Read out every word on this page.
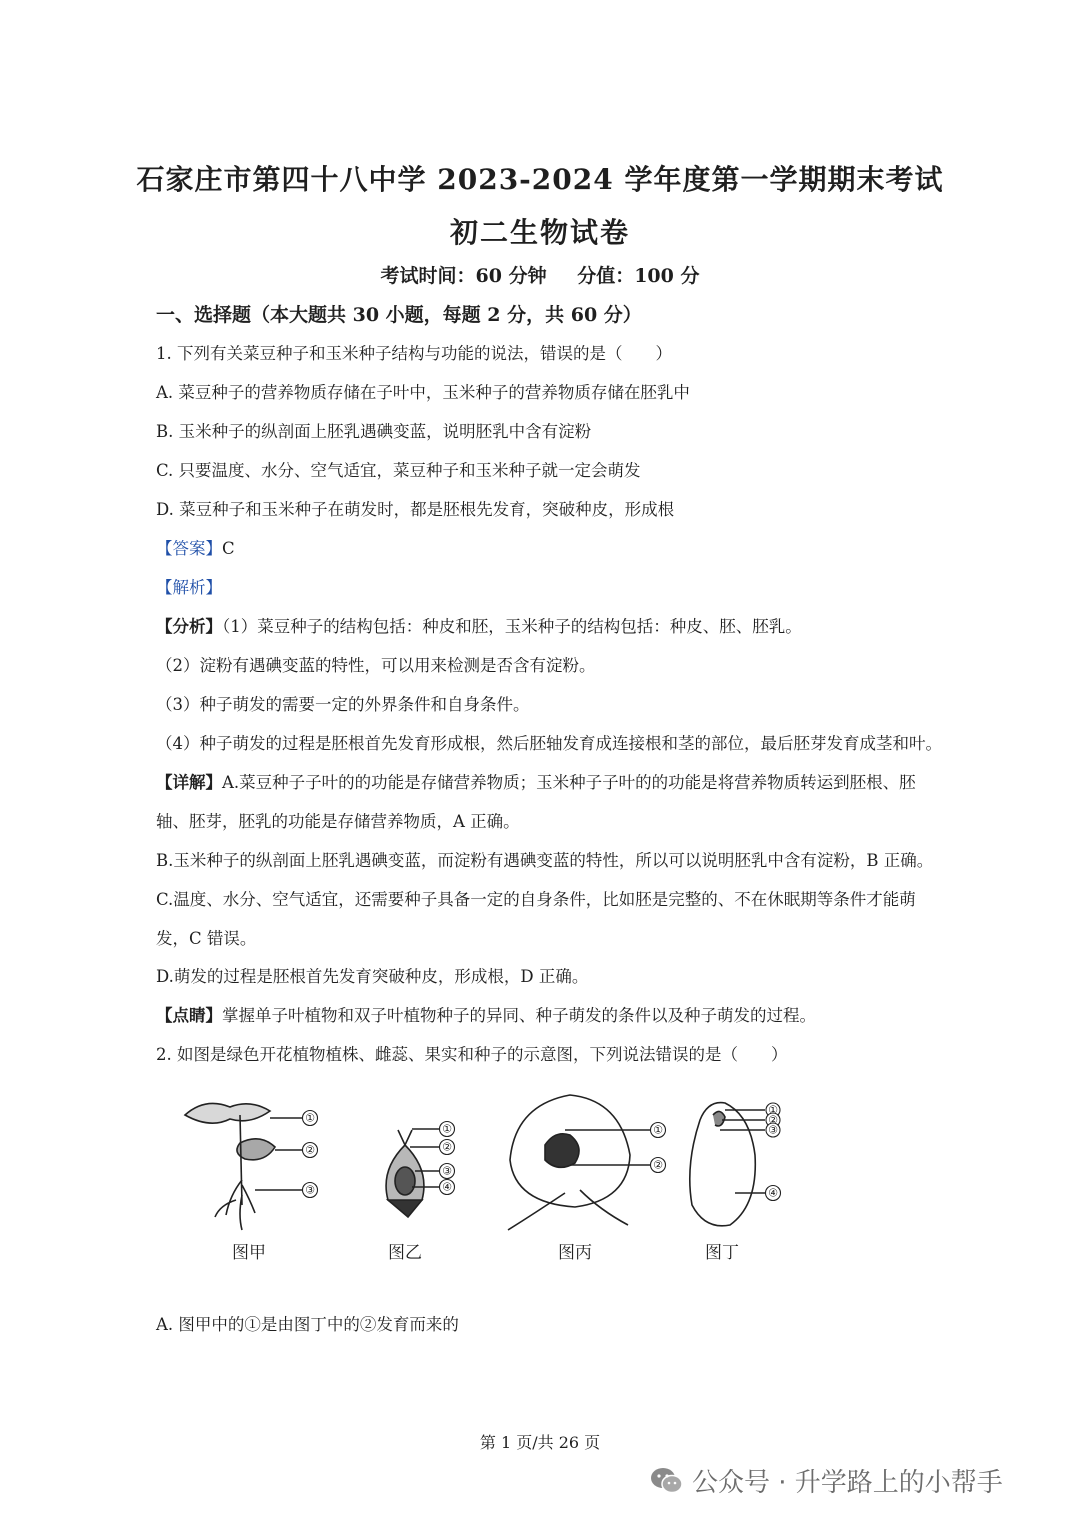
石家庄市第四十八中学 2023-2024 学年度第一学期期末考试
初二生物试卷
考试时间：60 分钟 分值：100 分
一、选择题（本大题共 30 小题，每题 2 分，共 60 分）
1. 下列有关菜豆种子和玉米种子结构与功能的说法，错误的是（　　）
A. 菜豆种子的营养物质存储在子叶中，玉米种子的营养物质存储在胚乳中
B. 玉米种子的纵剖面上胚乳遇碘变蓝，说明胚乳中含有淀粉
C. 只要温度、水分、空气适宜，菜豆种子和玉米种子就一定会萌发
D. 菜豆种子和玉米种子在萌发时，都是胚根先发育，突破种皮，形成根
【答案】C
【解析】
【分析】（1）菜豆种子的结构包括：种皮和胚，玉米种子的结构包括：种皮、胚、胚乳。
（2）淀粉有遇碘变蓝的特性，可以用来检测是否含有淀粉。
（3）种子萌发的需要一定的外界条件和自身条件。
（4）种子萌发的过程是胚根首先发育形成根，然后胚轴发育成连接根和茎的部位，最后胚芽发育成茎和叶。
【详解】A.菜豆种子子叶的的功能是存储营养物质；玉米种子子叶的的功能是将营养物质转运到胚根、胚
轴、胚芽，胚乳的功能是存储营养物质，A 正确。
B.玉米种子的纵剖面上胚乳遇碘变蓝，而淀粉有遇碘变蓝的特性，所以可以说明胚乳中含有淀粉，B 正确。
C.温度、水分、空气适宜，还需要种子具备一定的自身条件，比如胚是完整的、不在休眠期等条件才能萌
发，C 错误。
D.萌发的过程是胚根首先发育突破种皮，形成根，D 正确。
【点睛】掌握单子叶植物和双子叶植物种子的异同、种子萌发的条件以及种子萌发的过程。
2. 如图是绿色开花植物植株、雌蕊、果实和种子的示意图，下列说法错误的是（　　）
①
②
③
①
②
③
④
①
②
①
②
③
④
图甲	图乙	图丙	图丁
A. 图甲中的①是由图丁中的②发育而来的
第 1 页/共 26 页
公众号 · 升学路上的小帮手
